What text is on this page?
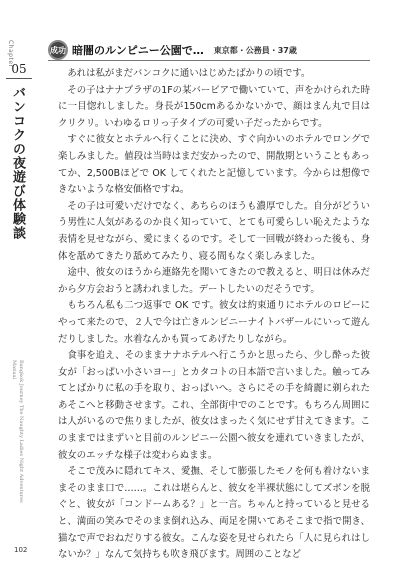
Chapter
05
バンコクの夜遊び体験談
Bangkok Journey The Naughty Ladies Night Adventures Manual
102
成功 暗闇のルンピニー公園で… 東京都・公務員・37歳

あれは私がまだバンコクに通いはじめたばかりの頃です。

その子はナナプラザの1Fの某バービアで働いていて、声をかけられた時に一目惚れしました。身長が150cmあるかないかで、顔はまん丸で目はクリクリ。いわゆるロリっ子タイプの可愛い子だったからです。

すぐに彼女とホテルへ行くことに決め、すぐ向かいのホテルでロングで楽しみました。値段は当時はまだ安かったので、開散期ということもあってか、2,500Bほどで OK してくれたと記憶しています。今からは想像できないような格安価格ですね。

その子は可愛いだけでなく、あちらのほうも濃厚でした。自分がどういう男性に人気があるのか良く知っていて、とても可愛らしい恥えたような表情を見せながら、愛にまくるのです。そして一回戦が終わった後も、身体を舐めてきたり舐めてみたり、寝る間もなく楽しみました。

途中、彼女のほうから連絡先を聞いてきたので教えると、明日は休みだから夕方会おうと誘われました。デートしたいのだそうです。

もちろん私も二つ返事で OK です。彼女は約束通りにホテルのロビーにやって来たので、２人で今は亡きルンピニーナイトバザールにいって遊んだりしました。水着なんかも買ってあげたりしながら。

食事を追え、そのままナナホテルへ行こうかと思ったら、少し酔った彼女が「おっぱい小さいヨー」とカタコトの日本語で言いました。触ってみてとばかりに私の手を取り、おっぱいへ。さらにその手を綺麗に剃られたあそこへと移動させます。これ、全部街中でのことです。もちろん周囲には人がいるので焦りましたが、彼女はまったく気にせず甘えてきます。このままではまずいと目前のルンピニー公園へ彼女を連れていきましたが、彼女のエッチな様子は変わらぬまま。

そこで茂みに隠れてキス、愛撫、そして膨張したモノを何も着けないままそのまま口で……。これは堪らんと、彼女を半裸状態にしてズボンを脱ぐと、彼女が「コンドームある？」と一言。ちゃんと持っていると見せると、満面の笑みでそのまま倒れ込み、両足を開いてあそこまで指で開き、猫なで声でおねだりする彼女。こんな姿を見せられたら「人に見られはしないか？」なんて気持ちも吹き飛びます。周囲のことなど
